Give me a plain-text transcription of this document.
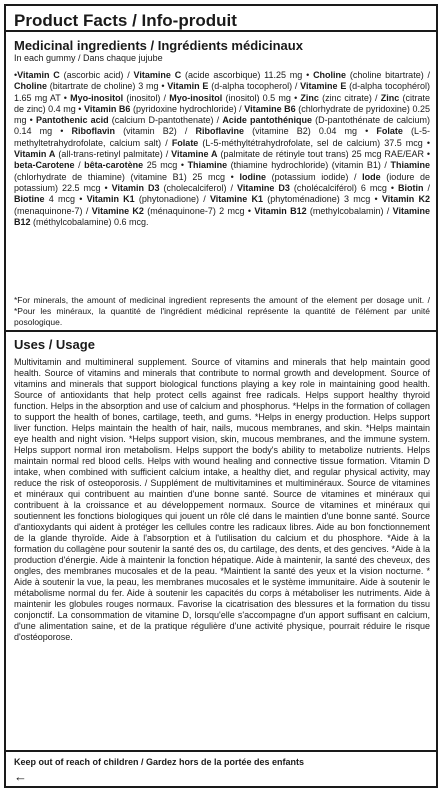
Product Facts / Info-produit
Medicinal ingredients / Ingrédients médicinaux
In each gummy / Dans chaque jujube
•Vitamin C (ascorbic acid) / Vitamine C (acide ascorbique) 11.25 mg • Choline (choline bitartrate) / Choline (bitartrate de choline) 3 mg • Vitamin E (d-alpha tocopherol) / Vitamine E (d-alpha tocophérol) 1.65 mg AT • Myo-inositol (inositol) / Myo-inositol (inositol) 0.5 mg • Zinc (zinc citrate) / Zinc (citrate de zinc) 0.4 mg • Vitamin B6 (pyridoxine hydrochloride) / Vitamine B6 (chlorhydrate de pyridoxine) 0.25 mg • Pantothenic acid (calcium D-pantothenate) / Acide pantothénique (D-pantothénate de calcium) 0.14 mg • Riboflavin (vitamin B2) / Riboflavine (vitamine B2) 0.04 mg • Folate (L-5-methyltetrahydrofolate, calcium salt) / Folate (L-5-méthyltétrahydrofolate, sel de calcium) 37.5 mcg • Vitamin A (all-trans-retinyl palmitate) / Vitamine A (palmitate de rétinyle tout trans) 25 mcg RAE/EAR • beta-Carotene / bêta-carotène 25 mcg • Thiamine (thiamine hydrochloride) (vitamin B1) / Thiamine (chlorhydrate de thiamine) (vitamine B1) 25 mcg • Iodine (potassium iodide) / Iode (iodure de potassium) 22.5 mcg • Vitamin D3 (cholecalciferol) / Vitamine D3 (cholécalciférol) 6 mcg • Biotin / Biotine 4 mcg • Vitamin K1 (phytonadione) / Vitamine K1 (phytoménadione) 3 mcg • Vitamin K2 (menaquinone-7) / Vitamine K2 (ménaquinone-7) 2 mcg • Vitamin B12 (methylcobalamin) / Vitamine B12 (méthylcobalamine) 0.6 mcg.
*For minerals, the amount of medicinal ingredient represents the amount of the element per dosage unit. / *Pour les minéraux, la quantité de l'ingrédient médicinal représente la quantité de l'élément par unité posologique.
Uses / Usage
Multivitamin and multimineral supplement. Source of vitamins and minerals that help maintain good health. Source of vitamins and minerals that contribute to normal growth and development. Source of vitamins and minerals that support biological functions playing a key role in maintaining good health. Source of antioxidants that help protect cells against free radicals. Helps support healthy thyroid function. Helps in the absorption and use of calcium and phosphorus. *Helps in the formation of collagen to support the health of bones, cartilage, teeth, and gums. *Helps in energy production. Helps support liver function. Helps maintain the health of hair, nails, mucous membranes, and skin. *Helps maintain eye health and night vision. *Helps support vision, skin, mucous membranes, and the immune system. Helps support normal iron metabolism. Helps support the body's ability to metabolize nutrients. Helps maintain normal red blood cells. Helps with wound healing and connective tissue formation. Vitamin D intake, when combined with sufficient calcium intake, a healthy diet, and regular physical activity, may reduce the risk of osteoporosis. / Supplément de multivitamines et multiminéraux. Source de vitamines et minéraux qui contribuent au maintien d'une bonne santé. Source de vitamines et minéraux qui contribuent à la croissance et au développement normaux. Source de vitamines et minéraux qui soutiennent les fonctions biologiques qui jouent un rôle clé dans le maintien d'une bonne santé. Source d'antioxydants qui aident à protéger les cellules contre les radicaux libres. Aide au bon fonctionnement de la glande thyroïde. Aide à l'absorption et à l'utilisation du calcium et du phosphore. *Aide à la formation du collagène pour soutenir la santé des os, du cartilage, des dents, et des gencives. *Aide à la production d'énergie. Aide à maintenir la fonction hépatique. Aide à maintenir, la santé des cheveux, des ongles, des membranes mucosales et de la peau. *Maintient la santé des yeux et la vision nocturne. * Aide à soutenir la vue, la peau, les membranes mucosales et le système immunitaire. Aide à soutenir le métabolisme normal du fer. Aide à soutenir les capacités du corps à métaboliser les nutriments. Aide à maintenir les globules rouges normaux. Favorise la cicatrisation des blessures et la formation du tissu conjonctif. La consommation de vitamine D, lorsqu'elle s'accompagne d'un apport suffisant en calcium, d'une alimentation saine, et de la pratique régulière d'une activité physique, pourrait réduire le risque d'ostéoporose.
Keep out of reach of children / Gardez hors de la portée des enfants
←
